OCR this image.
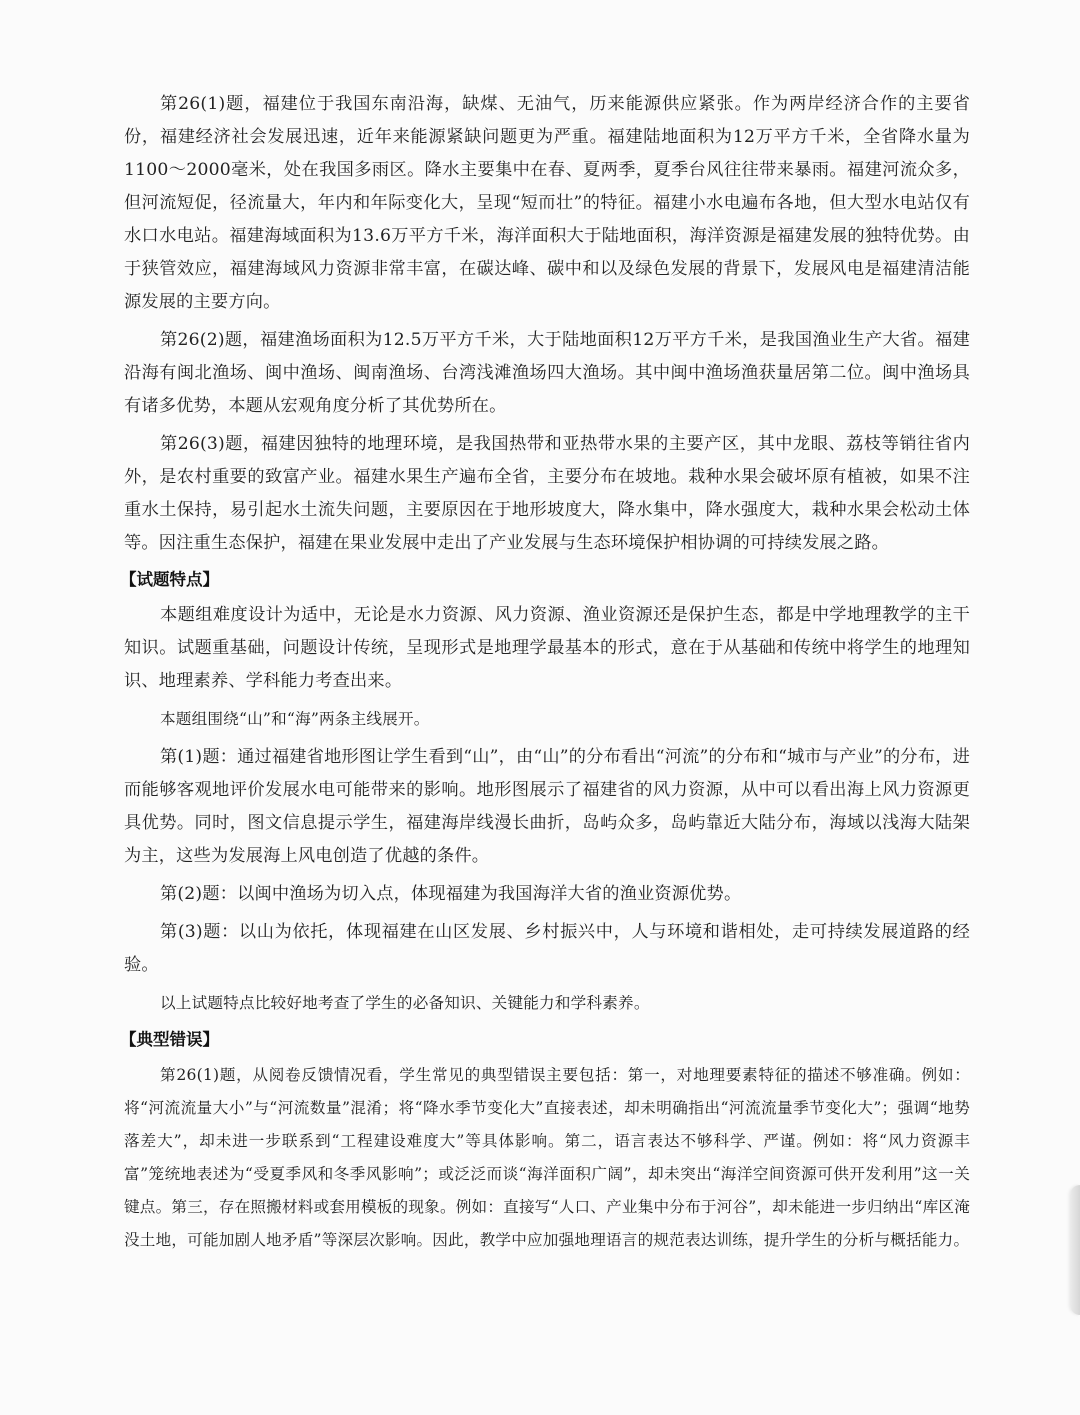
第26(1)题，福建位于我国东南沿海，缺煤、无油气，历来能源供应紧张。作为两岸经济合作的主要省份，福建经济社会发展迅速，近年来能源紧缺问题更为严重。福建陆地面积为12万平方千米，全省降水量为1100～2000毫米，处在我国多雨区。降水主要集中在春、夏两季，夏季台风往往带来暴雨。福建河流众多，但河流短促，径流量大，年内和年际变化大，呈现“短而壮”的特征。福建小水电遍布各地，但大型水电站仅有水口水电站。福建海域面积为13.6万平方千米，海洋面积大于陆地面积，海洋资源是福建发展的独特优势。由于狭管效应，福建海域风力资源非常丰富，在碳达峰、碳中和以及绿色发展的背景下，发展风电是福建清洁能源发展的主要方向。

第26(2)题，福建渔场面积为12.5万平方千米，大于陆地面积12万平方千米，是我国渔业生产大省。福建沿海有闽北渔场、闽中渔场、闽南渔场、台湾浅滩渔场四大渔场。其中闽中渔场渔获量居第二位。闽中渔场具有诸多优势，本题从宏观角度分析了其优势所在。

第26(3)题，福建因独特的地理环境，是我国热带和亚热带水果的主要产区，其中龙眼、荔枝等销往省内外，是农村重要的致富产业。福建水果生产遍布全省，主要分布在坡地。栽种水果会破坏原有植被，如果不注重水土保持，易引起水土流失问题，主要原因在于地形坡度大，降水集中，降水强度大，栽种水果会松动土体等。因注重生态保护，福建在果业发展中走出了产业发展与生态环境保护相协调的可持续发展之路。

【试题特点】

本题组难度设计为适中，无论是水力资源、风力资源、渔业资源还是保护生态，都是中学地理教学的主干知识。试题重基础，问题设计传统，呈现形式是地理学最基本的形式，意在于从基础和传统中将学生的地理知识、地理素养、学科能力考查出来。

本题组围绕“山”和“海”两条主线展开。

第(1)题：通过福建省地形图让学生看到“山”，由“山”的分布看出“河流”的分布和“城市与产业”的分布，进而能够客观地评价发展水电可能带来的影响。地形图展示了福建省的风力资源，从中可以看出海上风力资源更具优势。同时，图文信息提示学生，福建海岸线漫长曲折，岛屿众多，岛屿靠近大陆分布，海域以浅海大陆架为主，这些为发展海上风电创造了优越的条件。

第(2)题：以闽中渔场为切入点，体现福建为我国海洋大省的渔业资源优势。

第(3)题：以山为依托，体现福建在山区发展、乡村振兴中，人与环境和谐相处，走可持续发展道路的经验。

以上试题特点比较好地考查了学生的必备知识、关键能力和学科素养。

【典型错误】

第26(1)题，从阅卷反馈情况看，学生常见的典型错误主要包括：第一，对地理要素特征的描述不够准确。例如：将“河流流量大小”与“河流数量”混淆；将“降水季节变化大”直接表述，却未明确指出“河流流量季节变化大”；强调“地势落差大”，却未进一步联系到“工程建设难度大”等具体影响。第二，语言表达不够科学、严谨。例如：将“风力资源丰富”笼统地表述为“受夏季风和冬季风影响”；或泛泛而谈“海洋面积广阔”，却未突出“海洋空间资源可供开发利用”这一关键点。第三，存在照搬材料或套用模板的现象。例如：直接写“人口、产业集中分布于河谷”，却未能进一步归纳出“库区淹没土地，可能加剧人地矛盾”等深层次影响。因此，教学中应加强地理语言的规范表达训练，提升学生的分析与概括能力。
